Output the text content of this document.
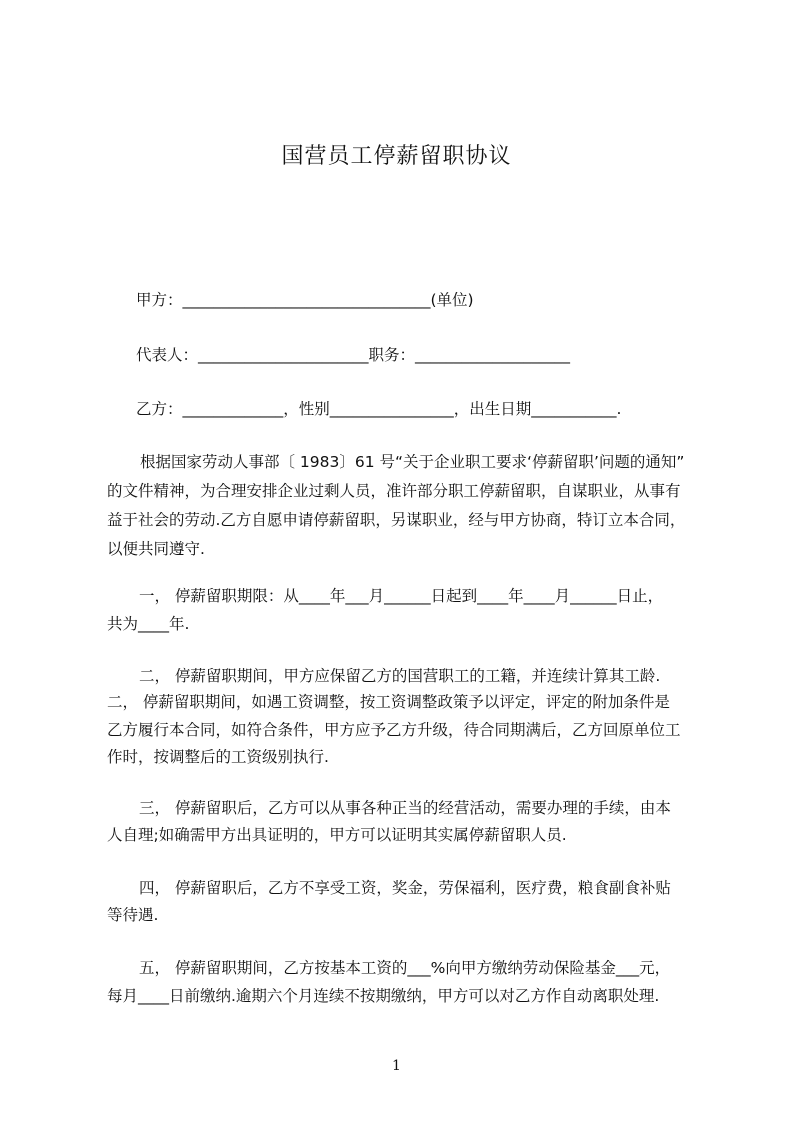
国营员工停薪留职协议
甲方：________________________________(单位)
代表人：______________________职务：____________________
乙方：_____________，性别________________，出生日期___________.
根据国家劳动人事部〔 1983〕61 号“关于企业职工要求‘停薪留职’问题的通知”
的文件精神，为合理安排企业过剩人员，准许部分职工停薪留职，自谋职业，从事有
益于社会的劳动.乙方自愿申请停薪留职，另谋职业，经与甲方协商，特订立本合同，
以便共同遵守.
一， 停薪留职期限：从____年___月______日起到____年____月______日止，
共为____年.
二， 停薪留职期间，甲方应保留乙方的国营职工的工籍，并连续计算其工龄.
二， 停薪留职期间，如遇工资调整，按工资调整政策予以评定，评定的附加条件是
乙方履行本合同，如符合条件，甲方应予乙方升级，待合同期满后，乙方回原单位工
作时，按调整后的工资级别执行.
三， 停薪留职后，乙方可以从事各种正当的经营活动，需要办理的手续，由本
人自理;如确需甲方出具证明的，甲方可以证明其实属停薪留职人员.
四， 停薪留职后，乙方不享受工资，奖金，劳保福利，医疗费，粮食副食补贴
等待遇.
五， 停薪留职期间，乙方按基本工资的___%向甲方缴纳劳动保险基金___元，
每月____日前缴纳.逾期六个月连续不按期缴纳，甲方可以对乙方作自动离职处理.
1
